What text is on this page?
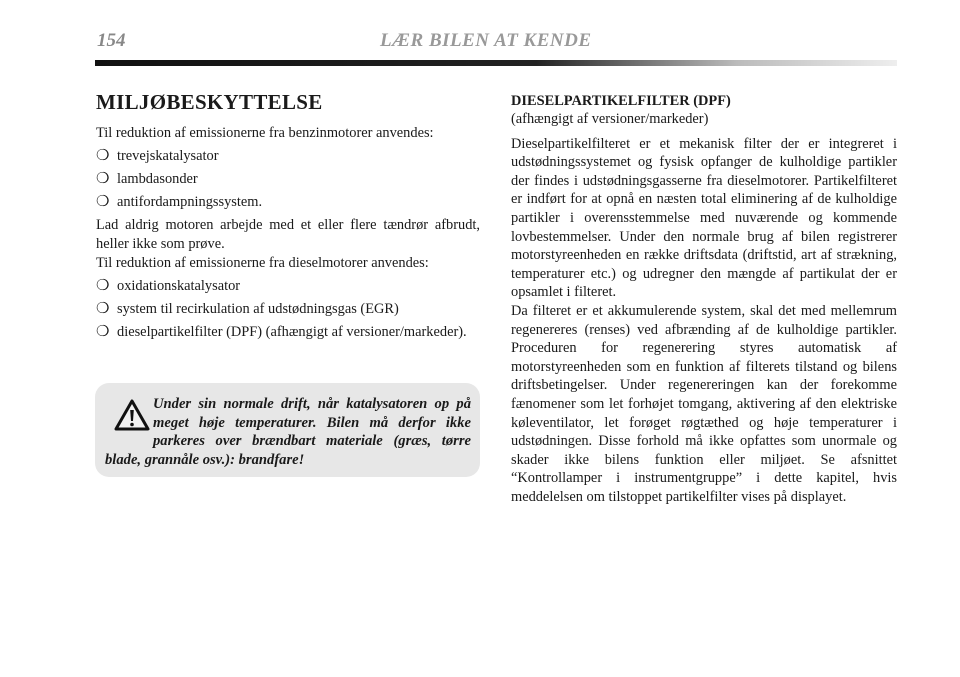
154	LÆR BILEN AT KENDE
MILJØBESKYTTELSE

Til reduktion af emissionerne fra benzinmotorer anvendes:

❍ trevejskatalysator
❍ lambdasonder
❍ antifordampningssystem.

Lad aldrig motoren arbejde med et eller flere tændrør afbrudt, heller ikke som prøve.

Til reduktion af emissionerne fra dieselmotorer anvendes:

❍ oxidationskatalysator
❍ system til recirkulation af udstødningsgas (EGR)
❍ dieselpartikelfilter (DPF) (afhængigt af versioner/markeder).
Under sin normale drift, når katalysatoren op på meget høje temperaturer. Bilen må derfor ikke parkeres over brændbart materiale (græs, tørre blade, grannåle osv.): brandfare!
DIESELPARTIKELFILTER (DPF)

(afhængigt af versioner/markeder)

Dieselpartikelfilteret er et mekanisk filter der er integreret i udstødningssystemet og fysisk opfanger de kulholdige partikler der findes i udstødningsgasserne fra dieselmotorer. Partikelfilteret er indført for at opnå en næsten total eliminering af de kulholdige partikler i overensstemmelse med nuværende og kommende lovbestemmelser. Under den normale brug af bilen registrerer motorstyreenheden en række driftsdata (driftstid, art af strækning, temperaturer etc.) og udregner den mængde af partikulat der er opsamlet i filteret.

Da filteret er et akkumulerende system, skal det med mellemrum regenereres (renses) ved afbrænding af de kulholdige partikler. Proceduren for regenerering styres automatisk af motorstyreenheden som en funktion af filterets tilstand og bilens driftsbetingelser. Under regenereringen kan der forekomme fænomener som let forhøjet tomgang, aktivering af den elektriske køleventilator, let forøget røgtæthed og høje temperaturer i udstødningen. Disse forhold må ikke opfattes som unormale og skader ikke bilens funktion eller miljøet. Se afsnittet “Kontrollamper i instrumentgruppe” i dette kapitel, hvis meddelelsen om tilstoppet partikelfilter vises på displayet.
